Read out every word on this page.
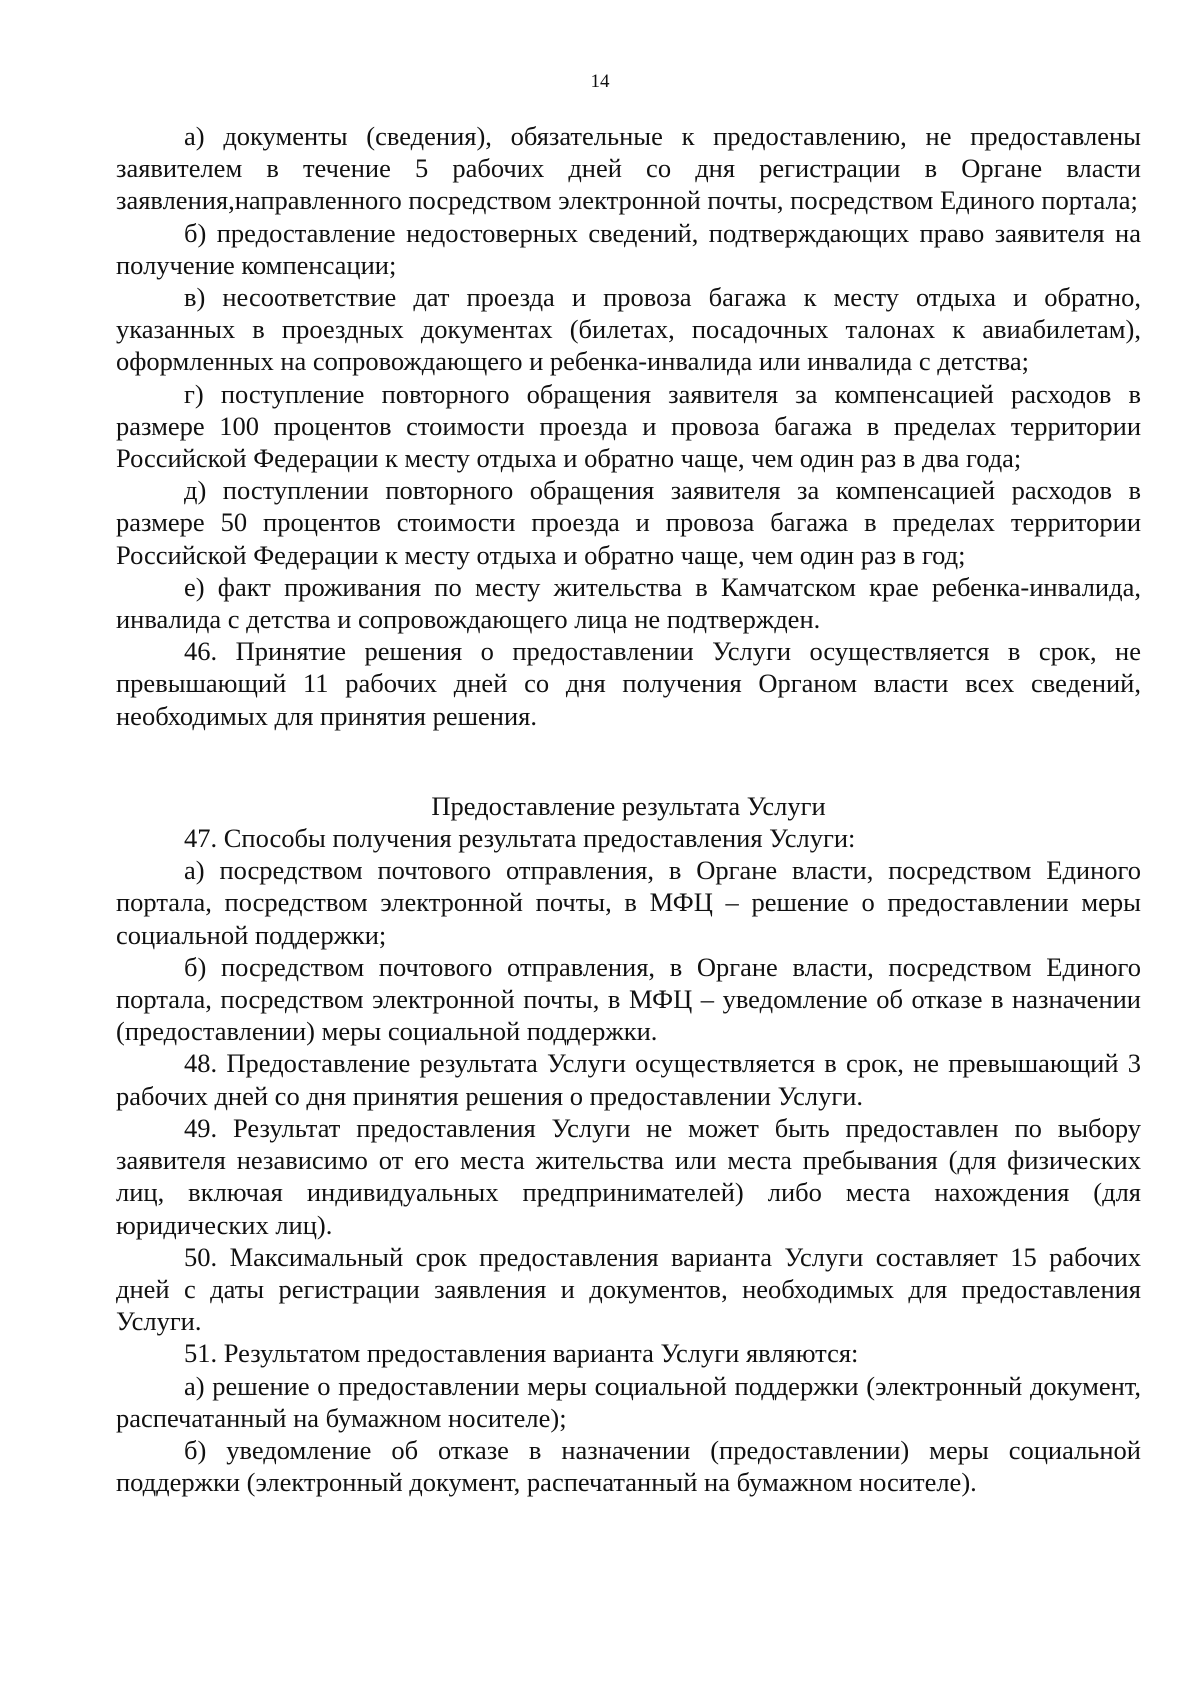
14

а) документы (сведения), обязательные к предоставлению, не предоставлены заявителем в течение 5 рабочих дней со дня регистрации в Органе власти заявления,направленного посредством электронной почты, посредством Единого портала;

б) предоставление недостоверных сведений, подтверждающих право заявителя на получение компенсации;

в) несоответствие дат проезда и провоза багажа к месту отдыха и обратно, указанных в проездных документах (билетах, посадочных талонах к авиабилетам), оформленных на сопровождающего и ребенка-инвалида или инвалида с детства;

г) поступление повторного обращения заявителя за компенсацией расходов в размере 100 процентов стоимости проезда и провоза багажа в пределах территории Российской Федерации к месту отдыха и обратно чаще, чем один раз в два года;

д) поступлении повторного обращения заявителя за компенсацией расходов в размере 50 процентов стоимости проезда и провоза багажа в пределах территории Российской Федерации к месту отдыха и обратно чаще, чем один раз в год;

е) факт проживания по месту жительства в Камчатском крае ребенка-инвалида, инвалида с детства и сопровождающего лица не подтвержден.

46. Принятие решения о предоставлении Услуги осуществляется в срок, не превышающий 11 рабочих дней со дня получения Органом власти всех сведений, необходимых для принятия решения.

Предоставление результата Услуги

47. Способы получения результата предоставления Услуги:

а) посредством почтового отправления, в Органе власти, посредством Единого портала, посредством электронной почты, в МФЦ – решение о предоставлении меры социальной поддержки;

б) посредством почтового отправления, в Органе власти, посредством Единого портала, посредством электронной почты, в МФЦ – уведомление об отказе в назначении (предоставлении) меры социальной поддержки.

48. Предоставление результата Услуги осуществляется в срок, не превышающий 3 рабочих дней со дня принятия решения о предоставлении Услуги.

49. Результат предоставления Услуги не может быть предоставлен по выбору заявителя независимо от его места жительства или места пребывания (для физических лиц, включая индивидуальных предпринимателей) либо места нахождения (для юридических лиц).

50. Максимальный срок предоставления варианта Услуги составляет 15 рабочих дней с даты регистрации заявления и документов, необходимых для предоставления Услуги.

51. Результатом предоставления варианта Услуги являются:

а) решение о предоставлении меры социальной поддержки (электронный документ, распечатанный на бумажном носителе);

б) уведомление об отказе в назначении (предоставлении) меры социальной поддержки (электронный документ, распечатанный на бумажном носителе).
